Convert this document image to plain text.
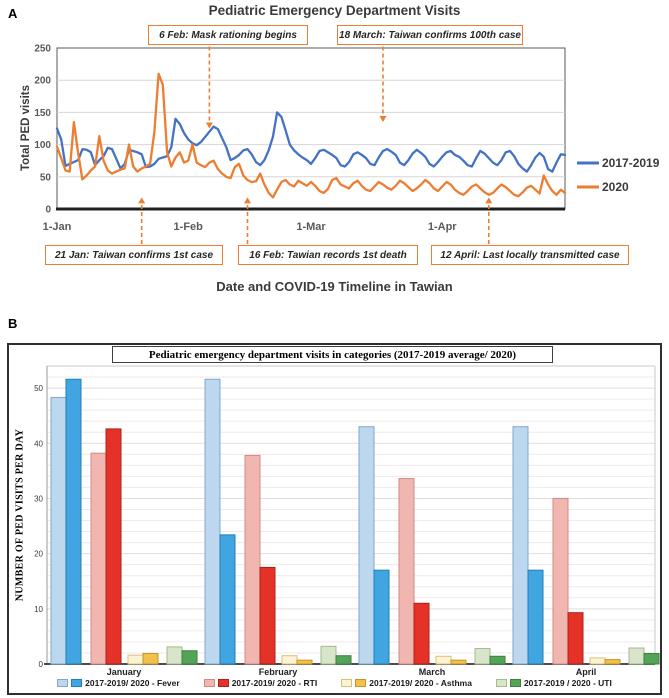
A	Pediatric Emergency Department Visits
0
50
100
150
200
250
1-Jan	1-Feb	1-Mar	1-Apr
2017-2019
2020
6 Feb: Mask rationing begins	18 March: Taiwan confirms 100th case
21 Jan: Taiwan confirms 1st case	16 Feb: Tawian records 1st death	12 April: Last locally transmitted case
Total PED visits
Date and COVID-19 Timeline in Tawian
B
0
10
20
30
40
50
January	February	March	April
Pediatric emergency department visits in categories (2017-2019 average/ 2020)
NUMBER OF PED VISITS PER DAY
2017-2019/ 2020 - Fever	2017-2019/ 2020 - RTI	2017-2019/ 2020 - Asthma	2017-2019 / 2020 - UTI
